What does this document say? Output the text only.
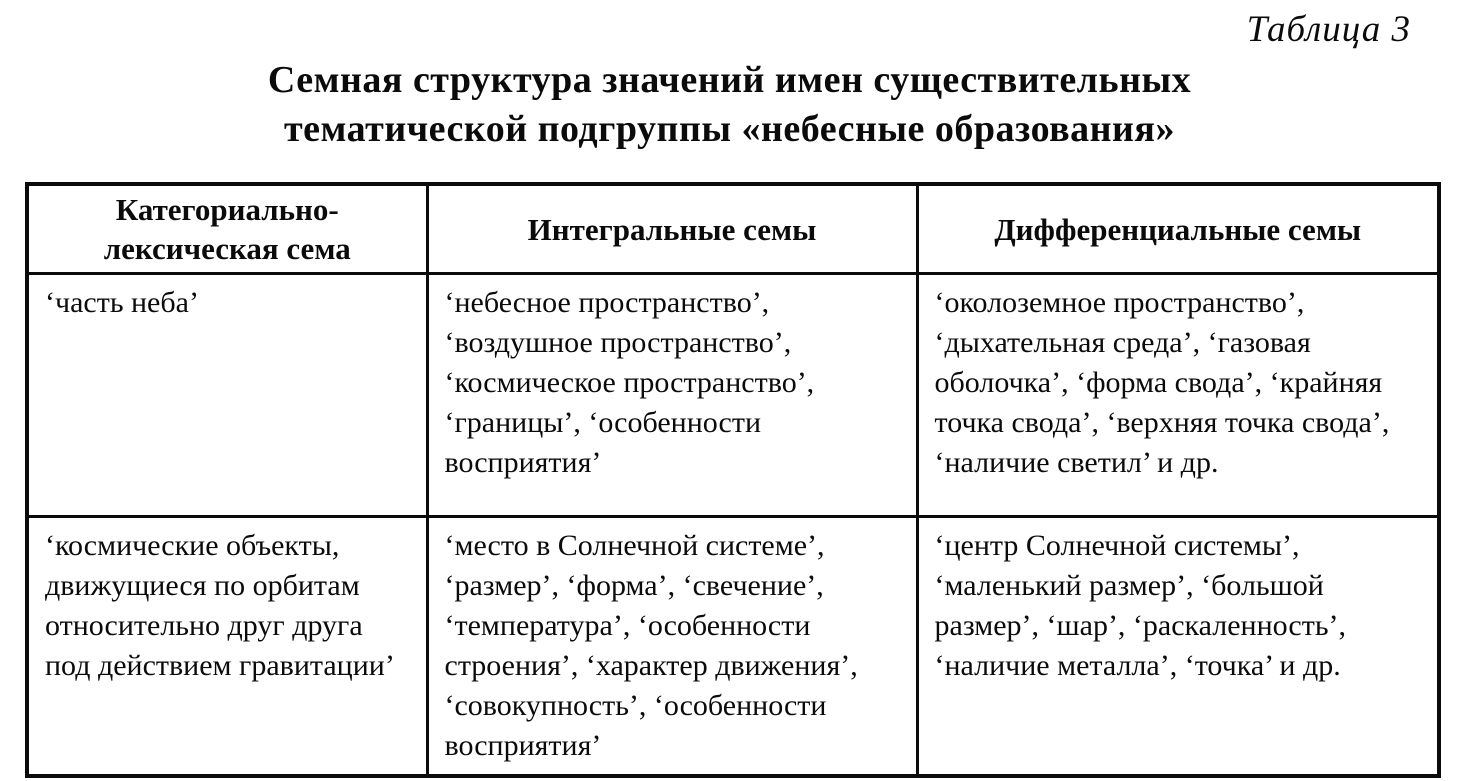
Таблица 3
Семная структура значений имен существительных
тематической подгруппы «небесные образования»
Категориально-лексическая сема	Интегральные семы	Дифференциальные семы
‘часть неба’	‘небесное пространство’, ‘воздушное пространство’, ‘космическое пространство’, ‘границы’, ‘особенности восприятия’	‘околоземное пространство’, ‘дыхательная среда’, ‘газовая оболочка’, ‘форма свода’, ‘крайняя точка свода’, ‘верхняя точка свода’, ‘наличие светил’ и др.
‘космические объекты, движущиеся по орбитам относительно друг друга под действием гравитации’	‘место в Солнечной системе’, ‘размер’, ‘форма’, ‘свечение’, ‘температура’, ‘особенности строения’, ‘характер движения’, ‘совокупность’, ‘особенности восприятия’	‘центр Солнечной системы’, ‘маленький размер’, ‘большой размер’, ‘шар’, ‘раскаленность’, ‘наличие металла’, ‘точка’ и др.
